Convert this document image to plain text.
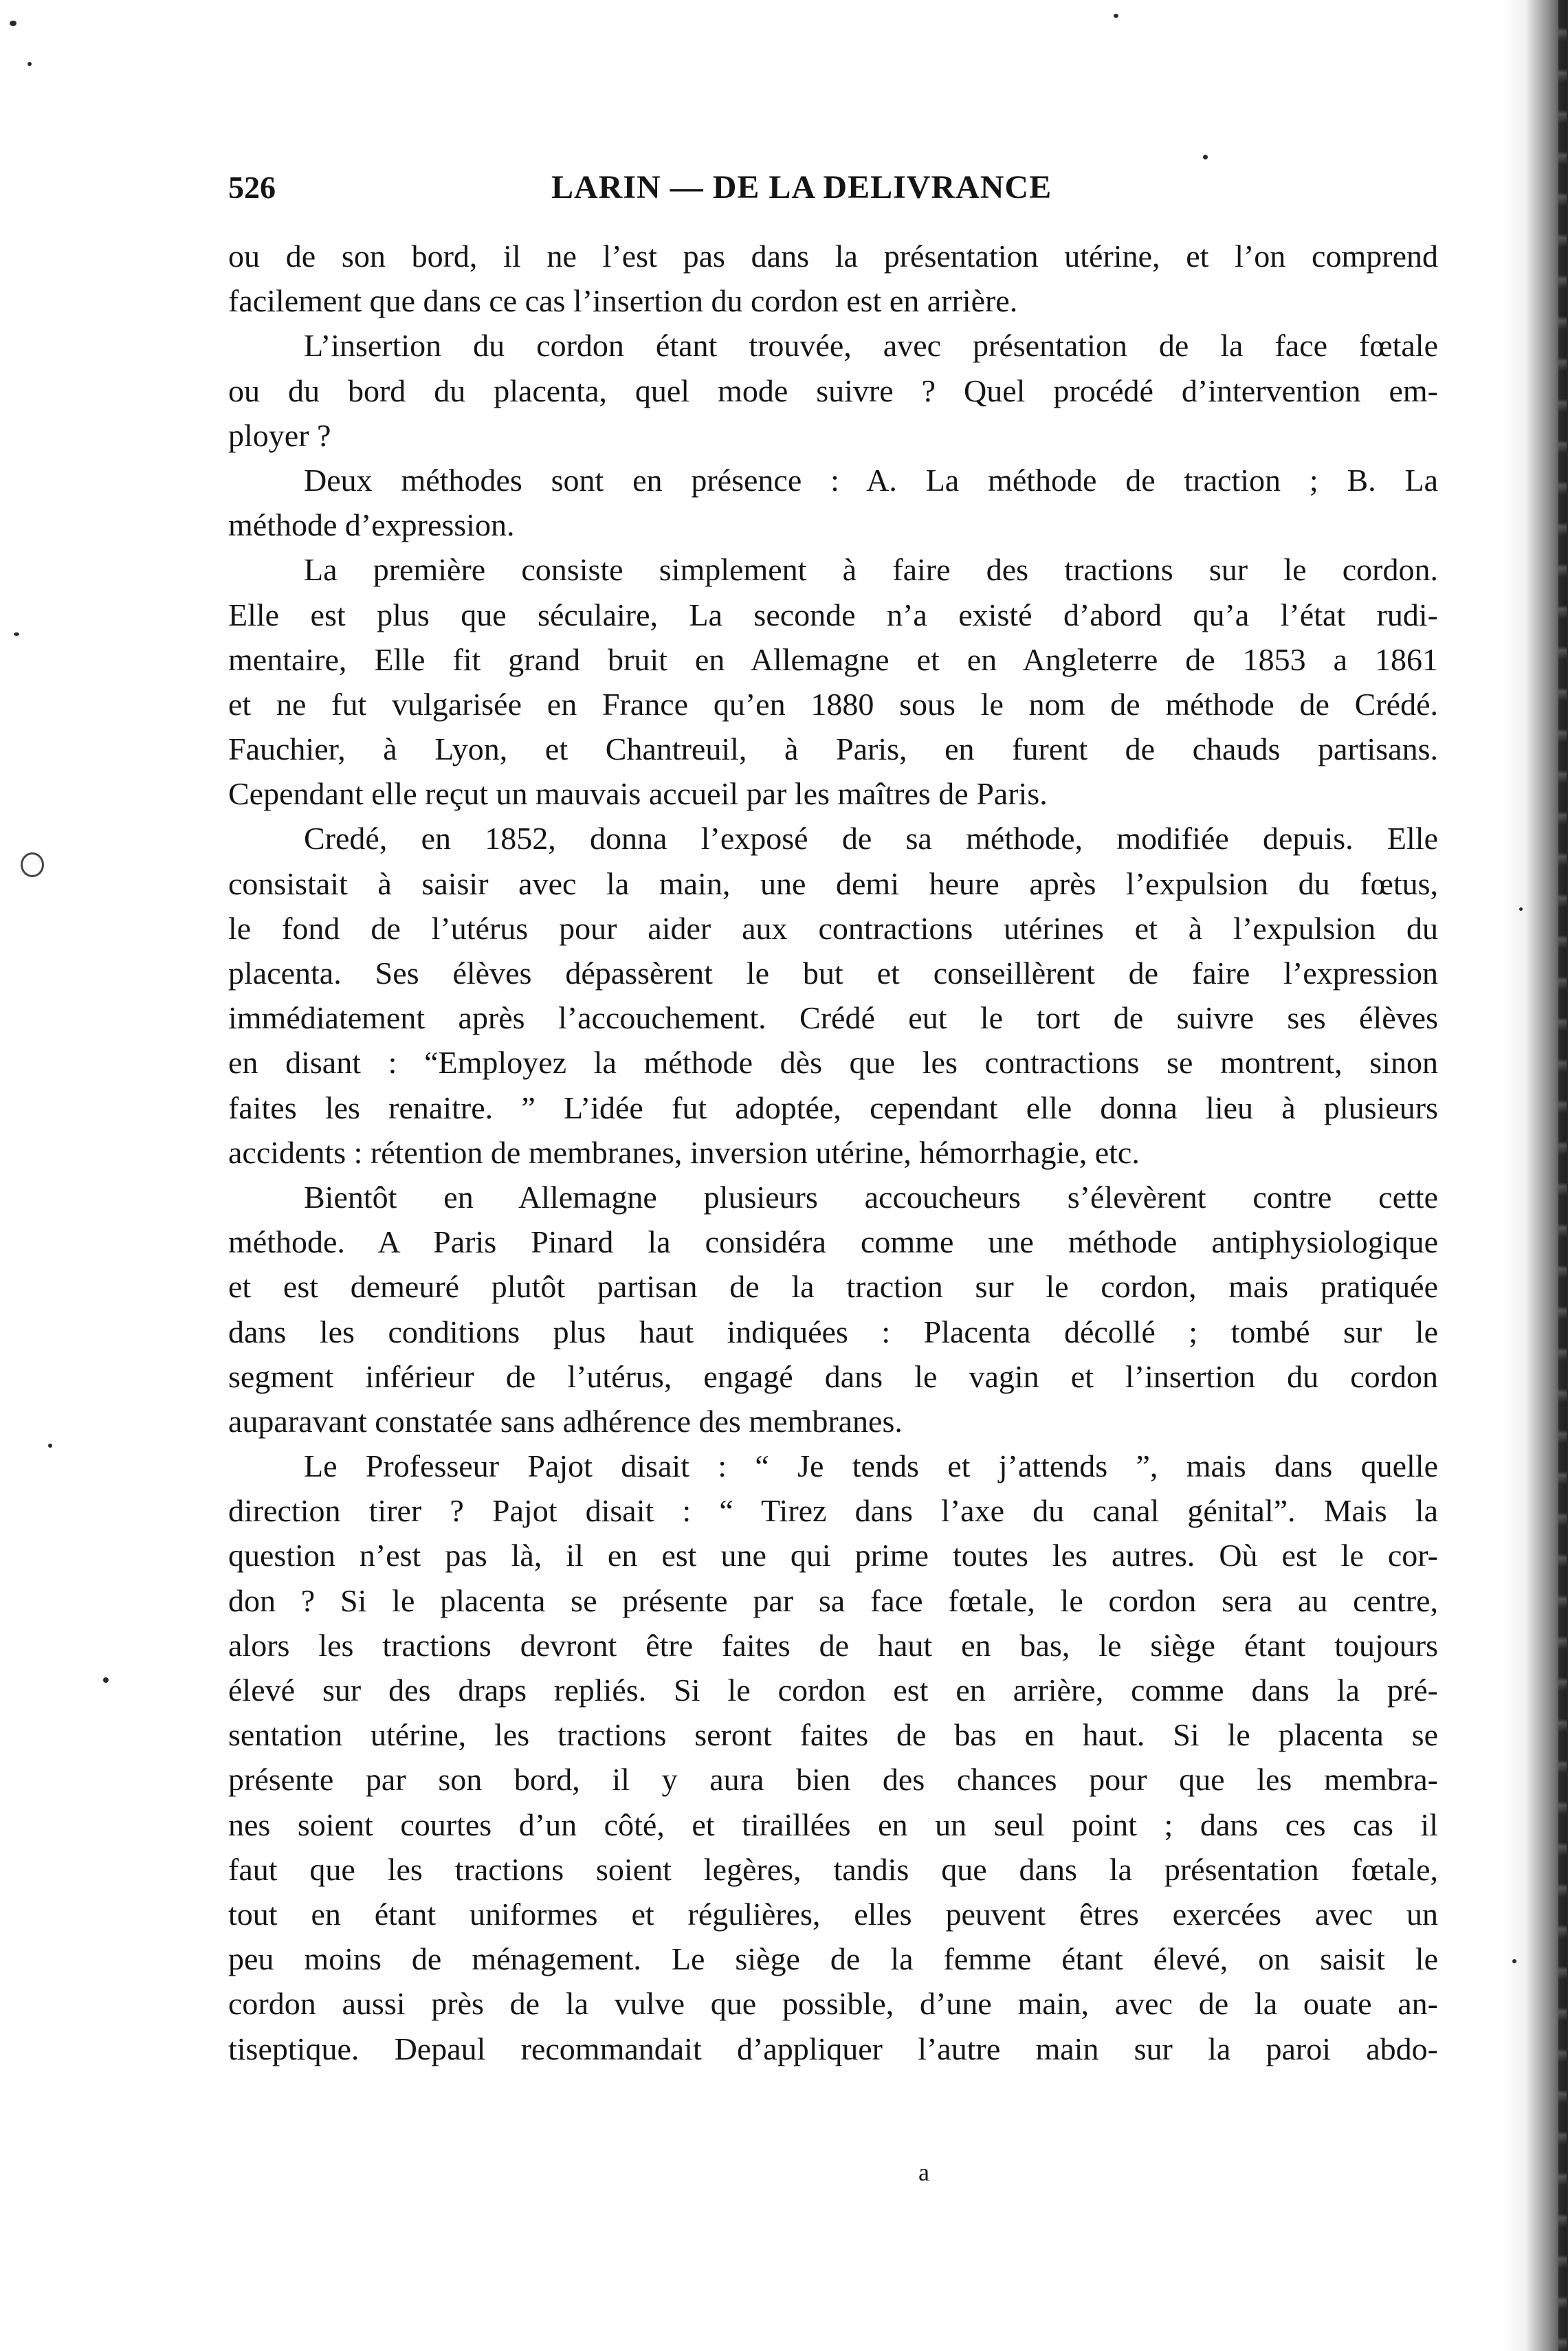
526	LARIN — DE LA DELIVRANCE
ou de son bord, il ne l’est pas dans la présentation utérine, et l’on comprend
facilement que dans ce cas l’insertion du cordon est en arrière.
L’insertion du cordon étant trouvée, avec présentation de la face fœtale
ou du bord du placenta, quel mode suivre ? Quel procédé d’intervention em-
ployer ?
Deux méthodes sont en présence : A. La méthode de traction ; B. La
méthode d’expression.
La première consiste simplement à faire des tractions sur le cordon.
Elle est plus que séculaire, La seconde n’a existé d’abord qu’a l’état rudi-
mentaire, Elle fit grand bruit en Allemagne et en Angleterre de 1853 a 1861
et ne fut vulgarisée en France qu’en 1880 sous le nom de méthode de Crédé.
Fauchier, à Lyon, et Chantreuil, à Paris, en furent de chauds partisans.
Cependant elle reçut un mauvais accueil par les maîtres de Paris.
Credé, en 1852, donna l’exposé de sa méthode, modifiée depuis. Elle
consistait à saisir avec la main, une demi heure après l’expulsion du fœtus,
le fond de l’utérus pour aider aux contractions utérines et à l’expulsion du
placenta. Ses élèves dépassèrent le but et conseillèrent de faire l’expression
immédiatement après l’accouchement. Crédé eut le tort de suivre ses élèves
en disant : “Employez la méthode dès que les contractions se montrent, sinon
faites les renaitre. ” L’idée fut adoptée, cependant elle donna lieu à plusieurs
accidents : rétention de membranes, inversion utérine, hémorrhagie, etc.
Bientôt en Allemagne plusieurs accoucheurs s’élevèrent contre cette
méthode. A Paris Pinard la considéra comme une méthode antiphysiologique
et est demeuré plutôt partisan de la traction sur le cordon, mais pratiquée
dans les conditions plus haut indiquées : Placenta décollé ; tombé sur le
segment inférieur de l’utérus, engagé dans le vagin et l’insertion du cordon
auparavant constatée sans adhérence des membranes.
Le Professeur Pajot disait : “ Je tends et j’attends ”, mais dans quelle
direction tirer ? Pajot disait : “ Tirez dans l’axe du canal génital”. Mais la
question n’est pas là, il en est une qui prime toutes les autres. Où est le cor-
don ? Si le placenta se présente par sa face fœtale, le cordon sera au centre,
alors les tractions devront être faites de haut en bas, le siège étant toujours
élevé sur des draps repliés. Si le cordon est en arrière, comme dans la pré-
sentation utérine, les tractions seront faites de bas en haut. Si le placenta se
présente par son bord, il y aura bien des chances pour que les membra-
nes soient courtes d’un côté, et tiraillées en un seul point ; dans ces cas il
faut que les tractions soient legères, tandis que dans la présentation fœtale,
tout en étant uniformes et régulières, elles peuvent êtres exercées avec un
peu moins de ménagement. Le siège de la femme étant élevé, on saisit le
cordon aussi près de la vulve que possible, d’une main, avec de la ouate an-
tiseptique. Depaul recommandait d’appliquer l’autre main sur la paroi abdo-
a
